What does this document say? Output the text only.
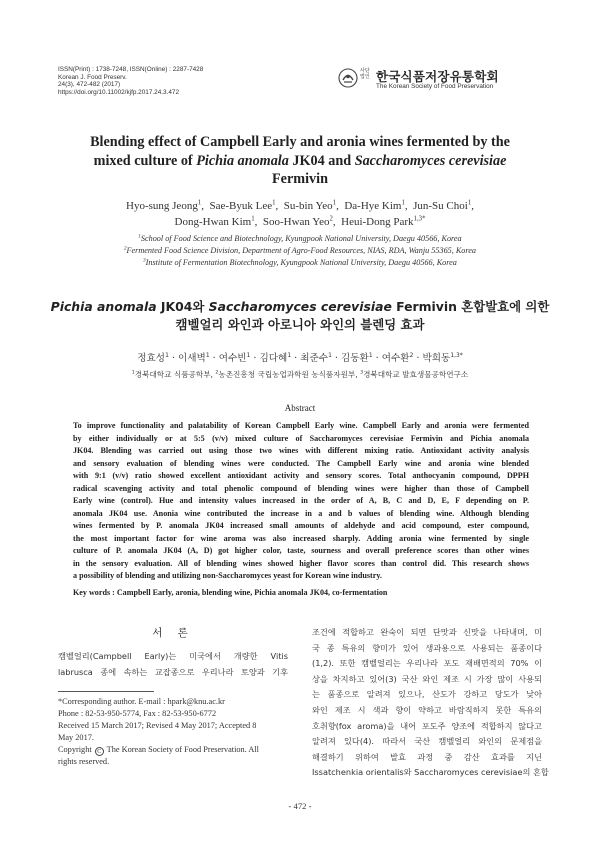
ISSN(Print) : 1738-7248, ISSN(Online) : 2287-7428
Korean J. Food Preserv.
24(3), 472-482 (2017)
https://doi.org/10.11002/kjfp.2017.24.3.472
사단법인 한국식품저장유통학회
The Korean Society of Food Preservation
Blending effect of Campbell Early and aronia wines fermented by the
mixed culture of Pichia anomala JK04 and Saccharomyces cerevisiae
Fermivin
Hyo-sung Jeong$^1$,  Sae-Byuk Lee$^1$,  Su-bin Yeo$^1$,  Da-Hye Kim$^1$,  Jun-Su Choi$^1$,
Dong-Hwan Kim$^1$,  Soo-Hwan Yeo$^2$,  Heui-Dong Park$^{1,3*}$
$^1$School of Food Science and Biotechnology, Kyungpook National University, Daegu 40566, Korea
$^2$Fermented Food Science Division, Department of Agro-Food Resources, NIAS, RDA, Wanju 55365, Korea
$^3$Institute of Fermentation Biotechnology, Kyungpook National University, Daegu 40566, Korea
Pichia anomala JK04와 Saccharomyces cerevisiae Fermivin 혼합발효에 의한
캠벨얼리 와인과 아로니아 와인의 블렌딩 효과
정효성$^1$ · 이새벽$^1$ · 여수빈$^1$ · 김다혜$^1$ · 최준수$^1$ · 김동환$^1$ · 여수환$^2$ · 박희동$^{1,3*}$
$^1$경북대학교 식품공학부, $^2$농촌진흥청 국립농업과학원 농식품자원부, $^3$경북대학교 발효생물공학연구소
Abstract
To improve functionality and palatability of Korean Campbell Early wine. Campbell Early and aronia were fermented
by either individually or at 5:5 (v/v) mixed culture of Saccharomyces cerevisiae Fermivin and Pichia anomala
JK04. Blending was carried out using those two wines with different mixing ratio. Antioxidant activity analysis
and sensory evaluation of blending wines were conducted. The Campbell Early wine and aronia wine blended
with 9:1 (v/v) ratio showed excellent antioxidant activity and sensory scores. Total anthocyanin compound, DPPH
radical scavenging activity and total phenolic compound of blending wines were higher than those of Campbell
Early wine (control). Hue and intensity values increased in the order of A, B, C and D, E, F depending on P.
anomala JK04 use. Anonia wine contributed the increase in a and b values of blending wine. Although blending
wines fermented by P. anomala JK04 increased small amounts of aldehyde and acid compound, ester compound,
the most important factor for wine aroma was also increased sharply. Adding aronia wine fermented by single
culture of P. anomala JK04 (A, D) got higher color, taste, sourness and overall preference scores than other wines
in the sensory evaluation. All of blending wines showed higher flavor scores than control did. This research shows
a possibility of blending and utilizing non-Saccharomyces yeast for Korean wine industry.
Key words : Campbell Early, aronia, blending wine, Pichia anomala JK04, co-fermentation
서 론
캠벨얼리(Campbell Early)는 미국에서 개량한 Vitis
labrusca 종에 속하는 교잡종으로 우리나라 토양과 기후
*Corresponding author. E-mail : hpark@knu.ac.kr
Phone : 82-53-950-5774, Fax : 82-53-950-6772
Received 15 March 2017; Revised 4 May 2017; Accepted 8
May 2017.
Copyright C The Korean Society of Food Preservation. All
rights reserved.
조건에 적합하고 완숙이 되면 단맛과 신맛을 나타내며, 미
국 종 특유의 향미가 있어 생과용으로 사용되는 품종이다
(1,2). 또한 캠벨얼리는 우리나라 포도 재배면적의 70% 이
상을 차지하고 있어(3) 국산 와인 제조 시 가장 많이 사용되
는 품종으로 알려져 있으나, 산도가 강하고 당도가 낮아
와인 제조 시 색과 향이 약하고 바람직하지 못한 특유의
호취향(fox aroma)을 내어 포도주 양조에 적합하지 않다고
알려져 있다(4). 따라서 국산 캠벨얼리 와인의 문제점을
해결하기 위하여 발효 과정 중 감산 효과를 지닌
Issatchenkia orientalis와 Saccharomyces cerevisiae의 혼합
- 472 -
